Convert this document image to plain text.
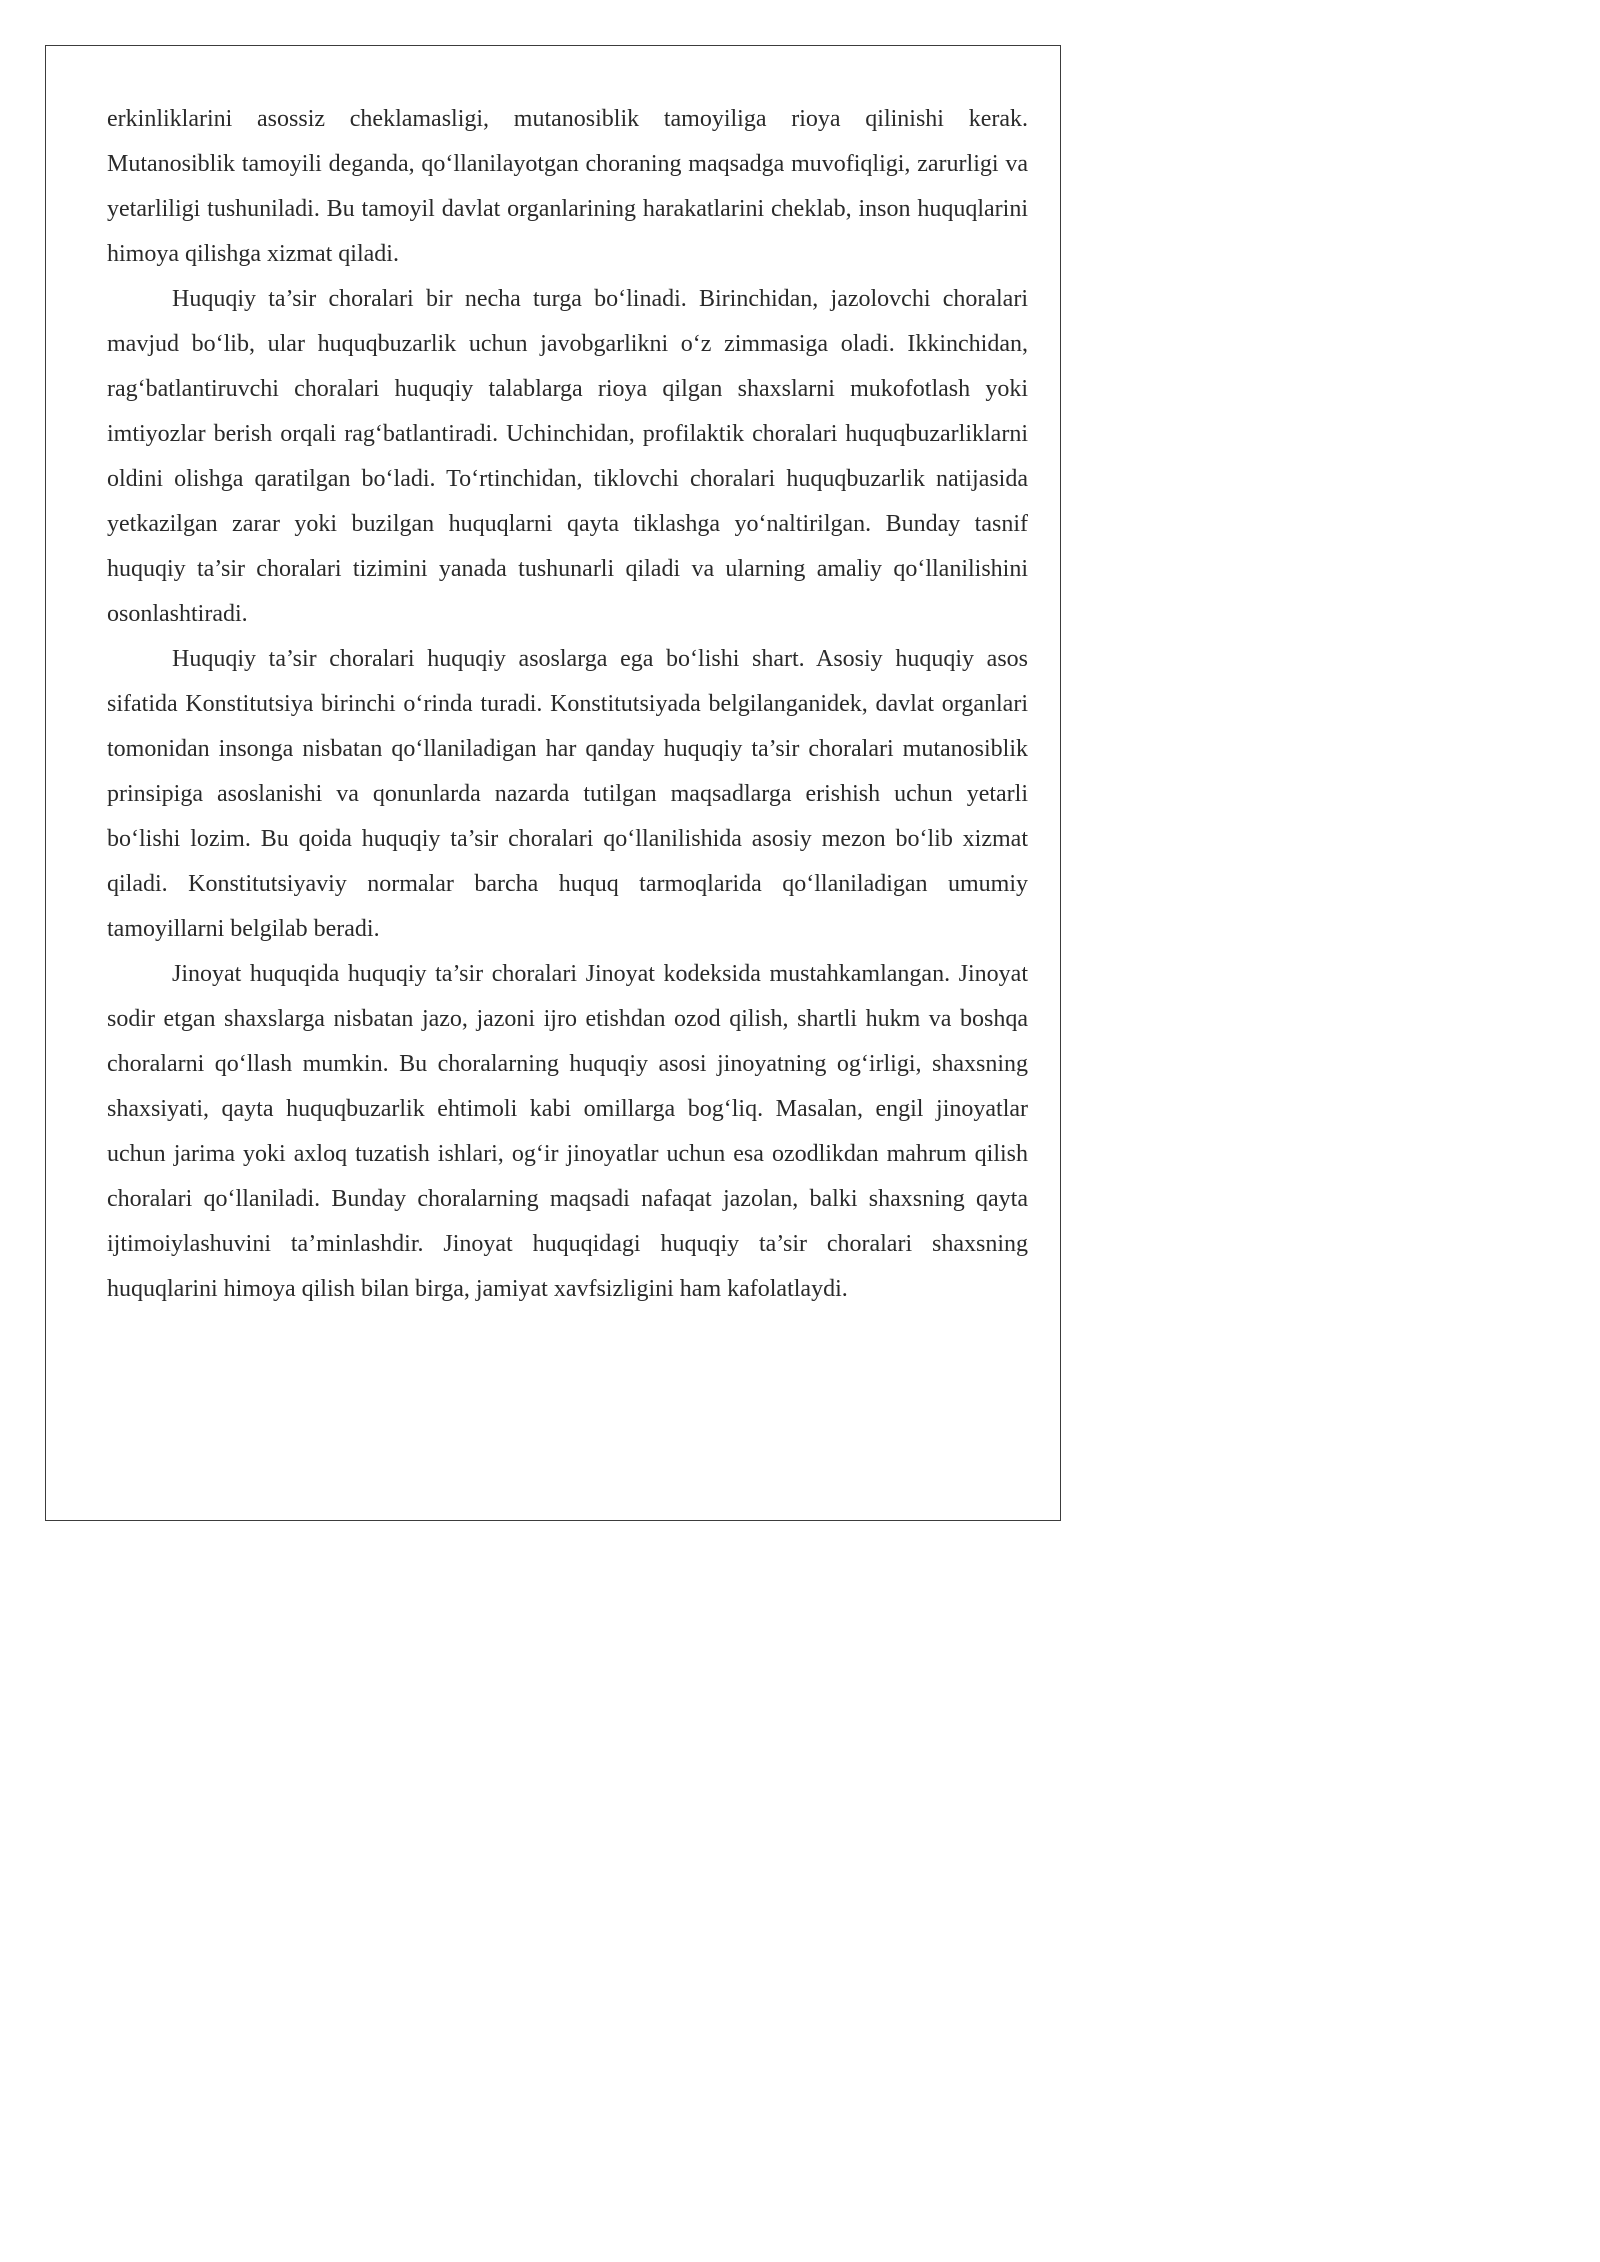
erkinliklarini asossiz cheklamasligi, mutanosiblik tamoyiliga rioya qilinishi kerak. Mutanosiblik tamoyili deganda, qo‘llanilayotgan choraning maqsadga muvofiqligi, zarurligi va yetarliligi tushuniladi. Bu tamoyil davlat organlarining harakatlarini cheklab, inson huquqlarini himoya qilishga xizmat qiladi.

Huquqiy ta’sir choralari bir necha turga bo‘linadi. Birinchidan, jazolovchi choralari mavjud bo‘lib, ular huquqbuzarlik uchun javobgarlikni o‘z zimmasiga oladi. Ikkinchidan, rag‘batlantiruvchi choralari huquqiy talablarga rioya qilgan shaxslarni mukofotlash yoki imtiyozlar berish orqali rag‘batlantiradi. Uchinchidan, profilaktik choralari huquqbuzarliklarni oldini olishga qaratilgan bo‘ladi. To‘rtinchidan, tiklovchi choralari huquqbuzarlik natijasida yetkazilgan zarar yoki buzilgan huquqlarni qayta tiklashga yo‘naltirilgan. Bunday tasnif huquqiy ta’sir choralari tizimini yanada tushunarli qiladi va ularning amaliy qo‘llanilishini osonlashtiradi.

Huquqiy ta’sir choralari huquqiy asoslarga ega bo‘lishi shart. Asosiy huquqiy asos sifatida Konstitutsiya birinchi o‘rinda turadi. Konstitutsiyada belgilanganidek, davlat organlari tomonidan insonga nisbatan qo‘llaniladigan har qanday huquqiy ta’sir choralari mutanosiblik prinsipiga asoslanishi va qonunlarda nazarda tutilgan maqsadlarga erishish uchun yetarli bo‘lishi lozim. Bu qoida huquqiy ta’sir choralari qo‘llanilishida asosiy mezon bo‘lib xizmat qiladi. Konstitutsiyaviy normalar barcha huquq tarmoqlarida qo‘llaniladigan umumiy tamoyillarni belgilab beradi.

Jinoyat huquqida huquqiy ta’sir choralari Jinoyat kodeksida mustahkamlangan. Jinoyat sodir etgan shaxslarga nisbatan jazo, jazoni ijro etishdan ozod qilish, shartli hukm va boshqa choralarni qo‘llash mumkin. Bu choralarning huquqiy asosi jinoyatning og‘irligi, shaxsning shaxsiyati, qayta huquqbuzarlik ehtimoli kabi omillarga bog‘liq. Masalan, engil jinoyatlar uchun jarima yoki axloq tuzatish ishlari, og‘ir jinoyatlar uchun esa ozodlikdan mahrum qilish choralari qo‘llaniladi. Bunday choralarning maqsadi nafaqat jazolan, balki shaxsning qayta ijtimoiylashuvini ta’minlashdir. Jinoyat huquqidagi huquqiy ta’sir choralari shaxsning huquqlarini himoya qilish bilan birga, jamiyat xavfsizligini ham kafolatlaydi.
